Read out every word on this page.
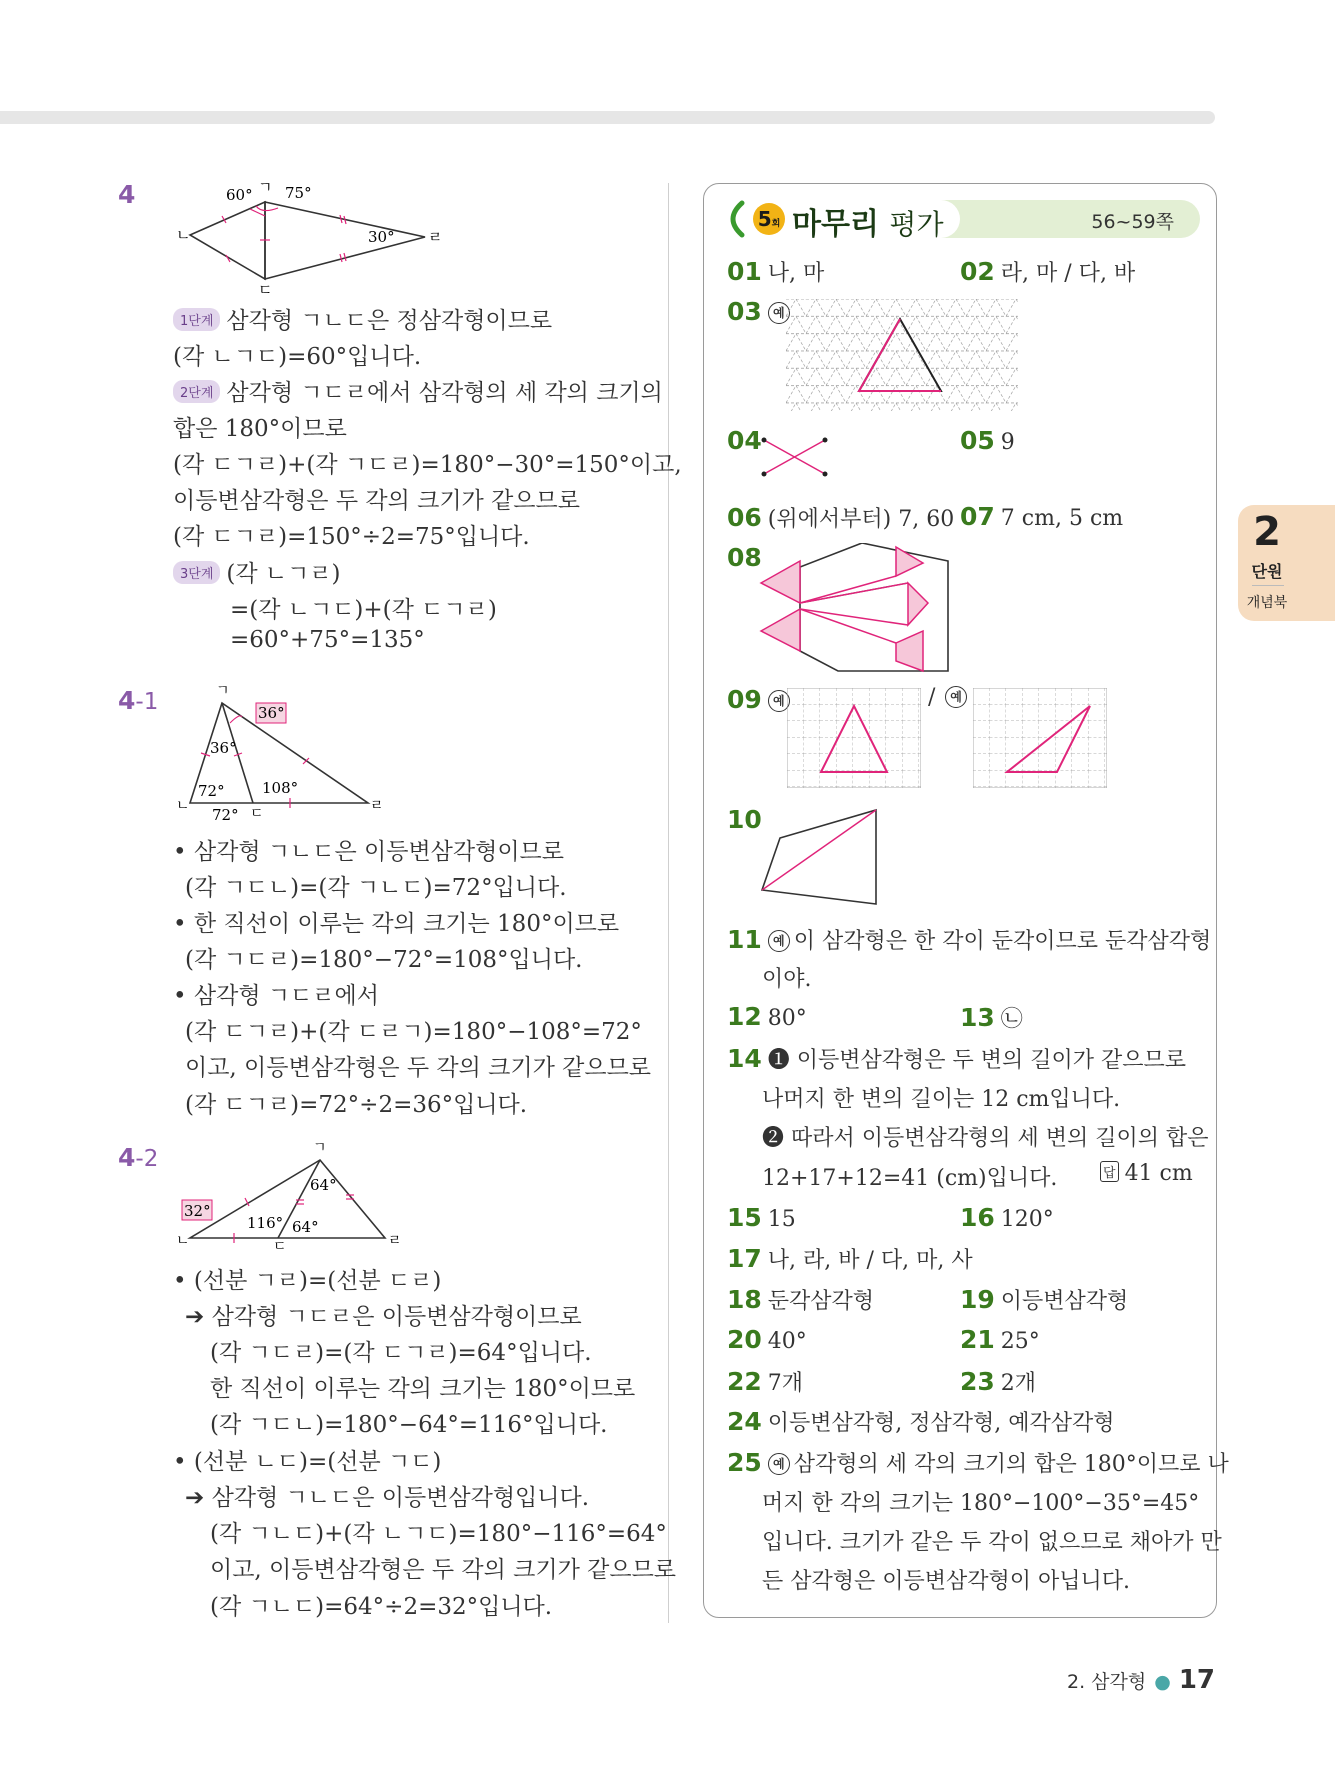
4	ㄱ
ㄴ
ㄷ
ㄹ
60° 75°
30°
1단계 삼각형 ㄱㄴㄷ은 정삼각형이므로
(각 ㄴㄱㄷ)=60°입니다.
2단계 삼각형 ㄱㄷㄹ에서 삼각형의 세 각의 크기의
합은 180°이므로
(각 ㄷㄱㄹ)+(각 ㄱㄷㄹ)=180°−30°=150°이고,
이등변삼각형은 두 각의 크기가 같으므로
(각 ㄷㄱㄹ)=150°÷2=75°입니다.
3단계 (각 ㄴㄱㄹ)
=(각 ㄴㄱㄷ)+(각 ㄷㄱㄹ)
=60°+75°=135°
4-1	ㄱ
ㄴ	ㄷ	ㄹ
36°
36°
72°
72°
108°
• 삼각형 ㄱㄴㄷ은 이등변삼각형이므로
(각 ㄱㄷㄴ)=(각 ㄱㄴㄷ)=72°입니다.
• 한 직선이 이루는 각의 크기는 180°이므로
(각 ㄱㄷㄹ)=180°−72°=108°입니다.
• 삼각형 ㄱㄷㄹ에서
(각 ㄷㄱㄹ)+(각 ㄷㄹㄱ)=180°−108°=72°
이고, 이등변삼각형은 두 각의 크기가 같으므로
(각 ㄷㄱㄹ)=72°÷2=36°입니다.
4-2	ㄱ
ㄴ	ㄷ	ㄹ
32°
64°
64°
116°
• (선분 ㄱㄹ)=(선분 ㄷㄹ)
➔ 삼각형 ㄱㄷㄹ은 이등변삼각형이므로
(각 ㄱㄷㄹ)=(각 ㄷㄱㄹ)=64°입니다.
한 직선이 이루는 각의 크기는 180°이므로
(각 ㄱㄷㄴ)=180°−64°=116°입니다.
• (선분 ㄴㄷ)=(선분 ㄱㄷ)
➔ 삼각형 ㄱㄴㄷ은 이등변삼각형입니다.
(각 ㄱㄴㄷ)+(각 ㄴㄱㄷ)=180°−116°=64°
이고, 이등변삼각형은 두 각의 크기가 같으므로
(각 ㄱㄴㄷ)=64°÷2=32°입니다.
5회 마무리 평가	56~59쪽
01 나, 마	02 라, 마 / 다, 바
03 예
04	05 9
06 (위에서부터) 7, 60 07 7 cm, 5 cm
08
09 예	/	예
10
11 예 이 삼각형은 한 각이 둔각이므로 둔각삼각형
이야.
12 80°	13 ㉡
14 ➊ 이등변삼각형은 두 변의 길이가 같으므로
나머지 한 변의 길이는 12 cm입니다.
➋ 따라서 이등변삼각형의 세 변의 길이의 합은
12+17+12=41 (cm)입니다.	답 41 cm
15 15	16 120°
17 나, 라, 바 / 다, 마, 사
18 둔각삼각형	19 이등변삼각형
20 40°	21 25°
22 7개	23 2개
24 이등변삼각형, 정삼각형, 예각삼각형
25 예 삼각형의 세 각의 크기의 합은 180°이므로 나
머지 한 각의 크기는 180°−100°−35°=45°
입니다. 크기가 같은 두 각이 없으므로 채아가 만
든 삼각형은 이등변삼각형이 아닙니다.
2
단원
개념북
2. 삼각형 ● 17
